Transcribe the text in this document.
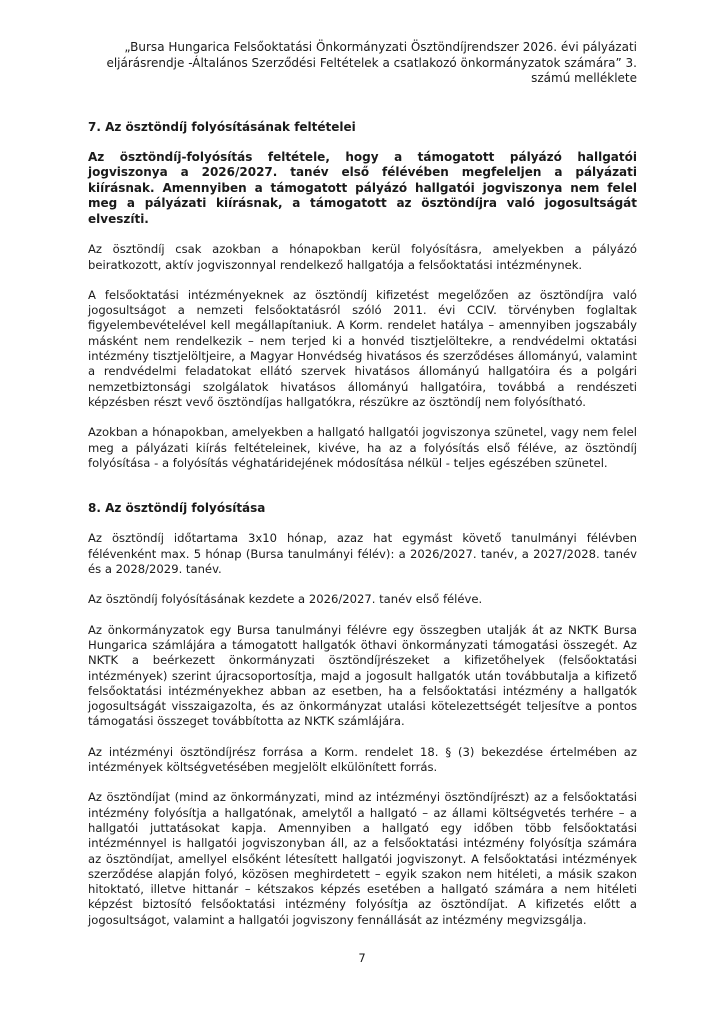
„Bursa Hungarica Felsőoktatási Önkormányzati Ösztöndíjrendszer 2026. évi pályázati eljárásrendje -Általános Szerződési Feltételek a csatlakozó önkormányzatok számára” 3. számú melléklete

7. Az ösztöndíj folyósításának feltételei

Az ösztöndíj-folyósítás feltétele, hogy a támogatott pályázó hallgatói jogviszonya a 2026/2027. tanév első félévében megfeleljen a pályázati kiírásnak. Amennyiben a támogatott pályázó hallgatói jogviszonya nem felel meg a pályázati kiírásnak, a támogatott az ösztöndíjra való jogosultságát elveszíti.

Az ösztöndíj csak azokban a hónapokban kerül folyósításra, amelyekben a pályázó beiratkozott, aktív jogviszonnyal rendelkező hallgatója a felsőoktatási intézménynek.

A felsőoktatási intézményeknek az ösztöndíj kifizetést megelőzően az ösztöndíjra való jogosultságot a nemzeti felsőoktatásról szóló 2011. évi CCIV. törvényben foglaltak figyelembevételével kell megállapítaniuk. A Korm. rendelet hatálya – amennyiben jogszabály másként nem rendelkezik – nem terjed ki a honvéd tisztjelöltekre, a rendvédelmi oktatási intézmény tisztjelöltjeire, a Magyar Honvédség hivatásos és szerződéses állományú, valamint a rendvédelmi feladatokat ellátó szervek hivatásos állományú hallgatóira és a polgári nemzetbiztonsági szolgálatok hivatásos állományú hallgatóira, továbbá a rendészeti képzésben részt vevő ösztöndíjas hallgatókra, részükre az ösztöndíj nem folyósítható.

Azokban a hónapokban, amelyekben a hallgató hallgatói jogviszonya szünetel, vagy nem felel meg a pályázati kiírás feltételeinek, kivéve, ha az a folyósítás első féléve, az ösztöndíj folyósítása - a folyósítás véghatáridejének módosítása nélkül - teljes egészében szünetel.

8. Az ösztöndíj folyósítása

Az ösztöndíj időtartama 3x10 hónap, azaz hat egymást követő tanulmányi félévben félévenként max. 5 hónap (Bursa tanulmányi félév): a 2026/2027. tanév, a 2027/2028. tanév és a 2028/2029. tanév.

Az ösztöndíj folyósításának kezdete a 2026/2027. tanév első féléve.

Az önkormányzatok egy Bursa tanulmányi félévre egy összegben utalják át az NKTK Bursa Hungarica számlájára a támogatott hallgatók öthavi önkormányzati támogatási összegét. Az NKTK a beérkezett önkormányzati ösztöndíjrészeket a kifizetőhelyek (felsőoktatási intézmények) szerint újracsoportosítja, majd a jogosult hallgatók után továbbutalja a kifizető felsőoktatási intézményekhez abban az esetben, ha a felsőoktatási intézmény a hallgatók jogosultságát visszaigazolta, és az önkormányzat utalási kötelezettségét teljesítve a pontos támogatási összeget továbbította az NKTK számlájára.

Az intézményi ösztöndíjrész forrása a Korm. rendelet 18. § (3) bekezdése értelmében az intézmények költségvetésében megjelölt elkülönített forrás.

Az ösztöndíjat (mind az önkormányzati, mind az intézményi ösztöndíjrészt) az a felsőoktatási intézmény folyósítja a hallgatónak, amelytől a hallgató – az állami költségvetés terhére – a hallgatói juttatásokat kapja. Amennyiben a hallgató egy időben több felsőoktatási intézménnyel is hallgatói jogviszonyban áll, az a felsőoktatási intézmény folyósítja számára az ösztöndíjat, amellyel elsőként létesített hallgatói jogviszonyt. A felsőoktatási intézmények szerződése alapján folyó, közösen meghirdetett – egyik szakon nem hitéleti, a másik szakon hitoktató, illetve hittanár – kétszakos képzés esetében a hallgató számára a nem hitéleti képzést biztosító felsőoktatási intézmény folyósítja az ösztöndíjat. A kifizetés előtt a jogosultságot, valamint a hallgatói jogviszony fennállását az intézmény megvizsgálja.

7
